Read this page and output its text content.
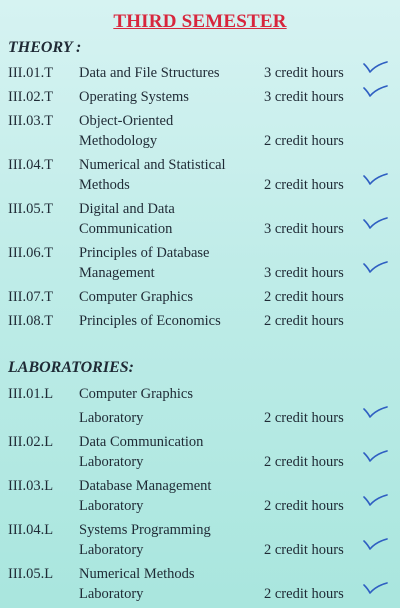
THIRD SEMESTER
THEORY :
LABORATORIES:
III.01.T Data and File Structures	3 credit hours
III.02.T Operating Systems	3 credit hours
III.03.T Object-Oriented
Methodology	2 credit hours
III.04.T Numerical and Statistical
Methods	2 credit hours
III.05.T Digital and Data
Communication	3 credit hours
III.06.T Principles of Database
Management	3 credit hours
III.07.T Computer Graphics	2 credit hours
III.08.T Principles of Economics	2 credit hours
III.01.L Computer Graphics
Laboratory	2 credit hours
III.02.L Data Communication
Laboratory	2 credit hours
III.03.L Database Management
Laboratory	2 credit hours
III.04.L Systems Programming
Laboratory	2 credit hours
III.05.L Numerical Methods
Laboratory	2 credit hours
